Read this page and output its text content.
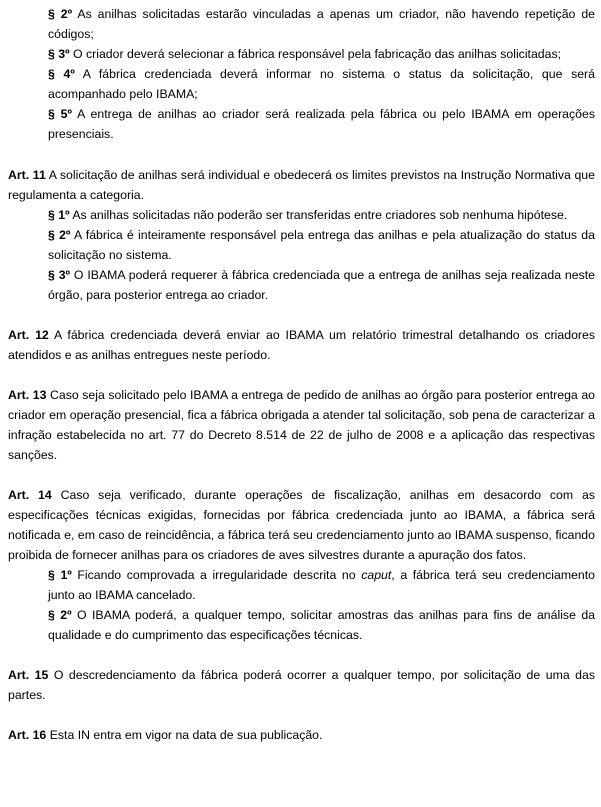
§ 2º As anilhas solicitadas estarão vinculadas a apenas um criador, não havendo repetição de códigos;

§ 3º O criador deverá selecionar a fábrica responsável pela fabricação das anilhas solicitadas;

§ 4º A fábrica credenciada deverá informar no sistema o status da solicitação, que será acompanhado pelo IBAMA;

§ 5º A entrega de anilhas ao criador será realizada pela fábrica ou pelo IBAMA em operações presenciais.

Art. 11 A solicitação de anilhas será individual e obedecerá os limites previstos na Instrução Normativa que regulamenta a categoria.

§ 1º As anilhas solicitadas não poderão ser transferidas entre criadores sob nenhuma hipótese.

§ 2º A fábrica é inteiramente responsável pela entrega das anilhas e pela atualização do status da solicitação no sistema.

§ 3º O IBAMA poderá requerer à fábrica credenciada que a entrega de anilhas seja realizada neste órgão, para posterior entrega ao criador.

Art. 12 A fábrica credenciada deverá enviar ao IBAMA um relatório trimestral detalhando os criadores atendidos e as anilhas entregues neste período.

Art. 13 Caso seja solicitado pelo IBAMA a entrega de pedido de anilhas ao órgão para posterior entrega ao criador em operação presencial, fica a fábrica obrigada a atender tal solicitação, sob pena de caracterizar a infração estabelecida no art. 77 do Decreto 8.514 de 22 de julho de 2008 e a aplicação das respectivas sanções.

Art. 14 Caso seja verificado, durante operações de fiscalização, anilhas em desacordo com as especificações técnicas exigidas, fornecidas por fábrica credenciada junto ao IBAMA, a fábrica será notificada e, em caso de reincidência, a fábrica terá seu credenciamento junto ao IBAMA suspenso, ficando proibida de fornecer anilhas para os criadores de aves silvestres durante a apuração dos fatos.

§ 1º Ficando comprovada a irregularidade descrita no caput, a fábrica terá seu credenciamento junto ao IBAMA cancelado.

§ 2º O IBAMA poderá, a qualquer tempo, solicitar amostras das anilhas para fins de análise da qualidade e do cumprimento das especificações técnicas.

Art. 15 O descredenciamento da fábrica poderá ocorrer a qualquer tempo, por solicitação de uma das partes.

Art. 16 Esta IN entra em vigor na data de sua publicação.
